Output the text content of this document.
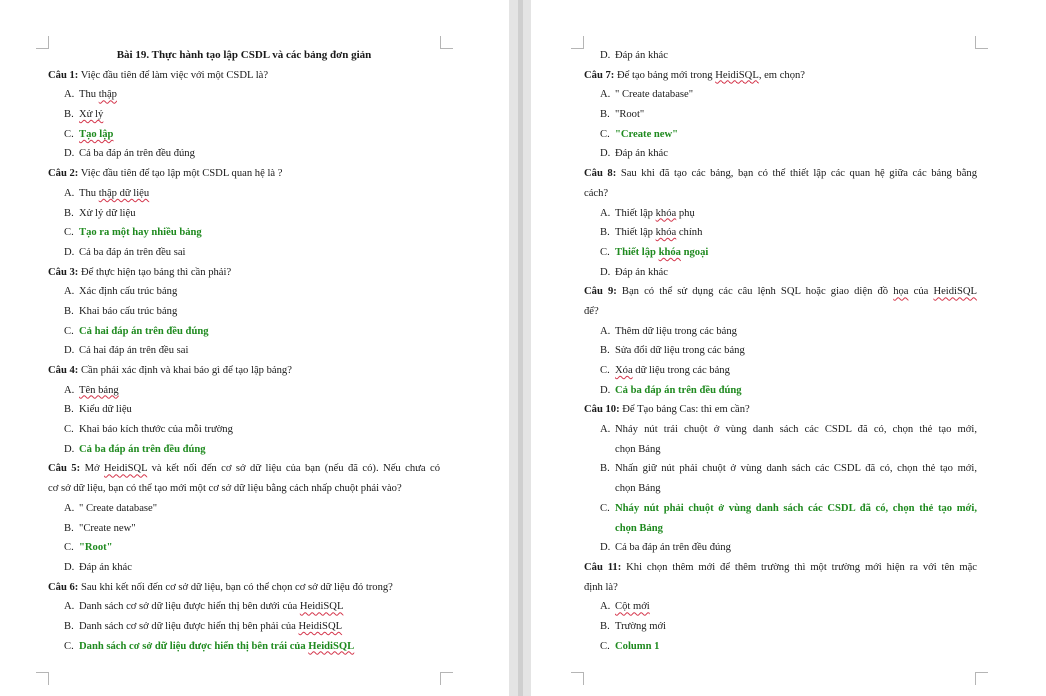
Bài 19. Thực hành tạo lập CSDL và các bảng đơn giản
Câu 1: Việc đầu tiên để làm việc với một CSDL là?
A. Thu thập
B. Xử lý
C. Tạo lập
D. Cả ba đáp án trên đều đúng
Câu 2: Việc đầu tiên để tạo lập một CSDL quan hệ là ?
A. Thu thập dữ liệu
B. Xử lý dữ liệu
C. Tạo ra một hay nhiều bảng
D. Cả ba đáp án trên đều sai
Câu 3: Để thực hiện tạo bảng thì cần phải?
A. Xác định cấu trúc bảng
B. Khai báo cấu trúc bảng
C. Cả hai đáp án trên đều đúng
D. Cả hai đáp án trên đều sai
Câu 4: Cần phải xác định và khai báo gì để tạo lập bảng?
A. Tên bảng
B. Kiểu dữ liệu
C. Khai báo kích thước của mỗi trường
D. Cả ba đáp án trên đều đúng
Câu 5: Mở HeidiSQL và kết nối đến cơ sở dữ liệu của bạn (nếu đã có). Nếu chưa có
cơ sở dữ liệu, bạn có thể tạo mới một cơ sở dữ liệu bằng cách nhấp chuột phải vào?
A. " Create database"
B. "Create new"
C. "Root"
D. Đáp án khác
Câu 6: Sau khi kết nối đến cơ sở dữ liệu, bạn có thể chọn cơ sở dữ liệu đó trong?
A. Danh sách cơ sở dữ liệu được hiển thị bên dưới của HeidiSQL
B. Danh sách cơ sở dữ liệu được hiển thị bên phải của HeidiSQL
C. Danh sách cơ sở dữ liệu được hiển thị bên trái của HeidiSQL
D. Đáp án khác
Câu 7: Để tạo bảng mới trong HeidiSQL, em chọn?
A. " Create database"
B. "Root"
C. "Create new"
D. Đáp án khác
Câu 8: Sau khi đã tạo các bảng, bạn có thể thiết lập các quan hệ giữa các bảng bằng
cách?
A. Thiết lập khóa phụ
B. Thiết lập khóa chính
C. Thiết lập khóa ngoại
D. Đáp án khác
Câu 9: Bạn có thể sử dụng các câu lệnh SQL hoặc giao diện đồ họa của HeidiSQL
để?
A. Thêm dữ liệu trong các bảng
B. Sửa đổi dữ liệu trong các bảng
C. Xóa dữ liệu trong các bảng
D. Cả ba đáp án trên đều đúng
Câu 10: Để Tạo bảng Cas: thì em cần?
A. Nháy nút trái chuột ở vùng danh sách các CSDL đã có, chọn thẻ tạo mới,
chọn Bảng
B. Nhấn giữ nút phải chuột ở vùng danh sách các CSDL đã có, chọn thẻ tạo mới,
chọn Bảng
C. Nháy nút phải chuột ở vùng danh sách các CSDL đã có, chọn thẻ tạo mới,
chọn Bảng
D. Cả ba đáp án trên đều đúng
Câu 11: Khi chọn thêm mới để thêm trường thì một trường mới hiện ra với tên mặc
định là?
A. Cột mới
B. Trường mới
C. Column 1
